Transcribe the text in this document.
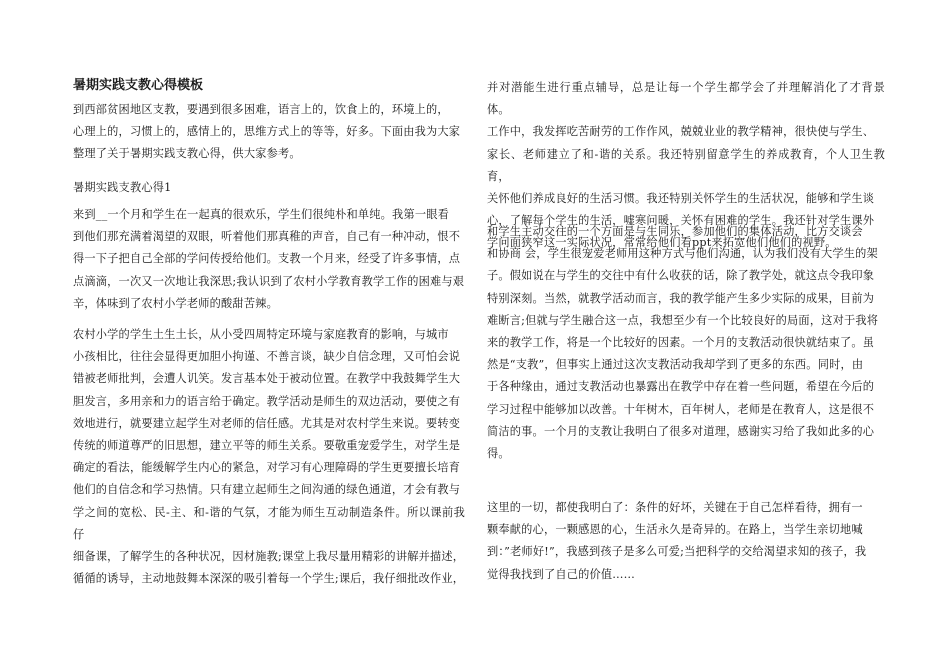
暑期实践支教心得模板

到西部贫困地区支教，要遇到很多困难，语言上的，饮食上的，环境上的，
心理上的，习惯上的，感情上的，思维方式上的等等，好多。下面由我为大家
整理了关于暑期实践支教心得，供大家参考。

暑期实践支教心得1

来到__一个月和学生在一起真的很欢乐，学生们很纯朴和单纯。我第一眼看
到他们那充满着渴望的双眼，听着他们那真稚的声音，自己有一种冲动，恨不
得一下子把自己全部的学问传授给他们。支教一个月来，经受了许多事情，点
点滴滴，一次又一次地让我深思;我认识到了农村小学教育教学工作的困难与艰
辛，体味到了农村小学老师的酸甜苦辣。

农村小学的学生土生土长，从小受四周特定环境与家庭教育的影响，与城市
小孩相比，往往会显得更加胆小拘谨、不善言谈，缺少自信念理，又可怕会说
错被老师批判，会遭人讥笑。发言基本处于被动位置。在教学中我鼓舞学生大
胆发言，多用亲和力的语言给于确定。教学活动是师生的双边活动，要使之有
效地进行，就要建立起学生对老师的信任感。尤其是对农村学生来说。要转变
传统的师道尊严的旧思想，建立平等的师生关系。要敬重宠爱学生，对学生是
确定的看法，能缓解学生内心的紧急，对学习有心理障碍的学生更要擅长培育
他们的自信念和学习热情。只有建立起师生之间沟通的绿色通道，才会有教与
学之间的宽松、民-主、和-谐的气氛，才能为师生互动制造条件。所以课前我仔
细备课，了解学生的各种状况，因材施教;课堂上我尽量用精彩的讲解并描述，
循循的诱导，主动地鼓舞本深深的吸引着每一个学生;课后，我仔细批改作业，

并对潜能生进行重点辅导，总是让每一个学生都学会了并理解消化了才背景体。
工作中，我发挥吃苦耐劳的工作作风，兢兢业业的教学精神，很快使与学生、
家长、老师建立了和-谐的关系。我还特别留意学生的养成教育，个人卫生教育，
关怀他们养成良好的生活习惯。我还特别关怀学生的生活状况，能够和学生谈
心，了解每个学生的生活，嘘寒问暖，关怀有困难的学生。我还针对学生课外
学问面狭窄这一实际状况，常常给他们看ppt来拓宽他们他们的视野。

和学生主动交往的一个方面是与生同乐，参加他们的集体活动，比方交谈会
和协商 会，学生很宠爱老师用这种方式与他们沟通，认为我们没有大学生的架
子。假如说在与学生的交往中有什么收获的话，除了教学处，就这点令我印象
特别深刻。当然，就教学活动而言，我的教学能产生多少实际的成果，目前为
难断言;但就与学生融合这一点，我想至少有一个比较良好的局面，这对于我将
来的教学工作，将是一个比较好的因素。一个月的支教活动很快就结束了。虽
然是“支教”，但事实上通过这次支教活动我却学到了更多的东西。同时，由
于各种缘由，通过支教活动也暴露出在教学中存在着一些问题，希望在今后的
学习过程中能够加以改善。十年树木，百年树人，老师是在教育人，这是很不
简洁的事。一个月的支教让我明白了很多对道理，感谢实习给了我如此多的心
得。

这里的一切，都使我明白了：条件的好坏，关键在于自己怎样看待，拥有一
颗奉献的心，一颗感恩的心，生活永久是奇异的。在路上，当学生亲切地喊
到：”老师好!”，我感到孩子是多么可爱;当把科学的交给渴望求知的孩子，我
觉得我找到了自己的价值……
